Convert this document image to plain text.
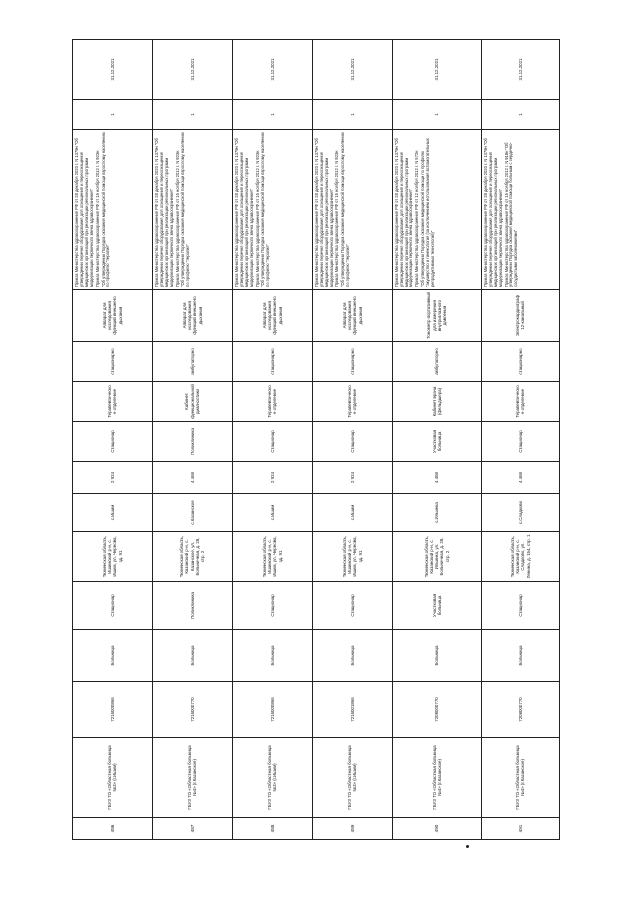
486	ГБУЗ ТО «Областная больница №3» (г.Ишим)	7216000866	Больница	Стационар	Тюменская область, Ишимский р-н, с. Ишим, ул. Чернова, зд. 91	с.Ишим	2 924	Стационар	Терапевтическое отделение	стационарно	Аппарат для исследования функций внешнего дыхания	Приказ Министерства здравоохранения РФ от 28 декабря 2020 г. N 1379н "Об утверждении перечня оборудования для оснащения и переоснащения медицинских организаций при реализации региональных программ модернизации первичного звена здравоохранения" Приказ Министерства здравоохранения РФ от 15 ноября 2012 г. N 923н "Об утверждении Порядка оказания медицинской помощи взрослому населению по профилю "терапия"	1	31.12.2021
487	ГБУЗ ТО «Областная больница №4» (г.Казанское)	7216000770	Больница	Поликлиника	Тюменская область, Казанский р-н, с. Казанское, ул. Больничная, д. 28, стр. 2	с.Казанское	4 468	Поликлиника	Кабинет функциональной диагностики	амбулаторно	Аппарат для исследования функций внешнего дыхания	Приказ Министерства здравоохранения РФ от 28 декабря 2020 г. N 1379н "Об утверждении перечня оборудования для оснащения и переоснащения медицинских организаций при реализации региональных программ модернизации первичного звена здравоохранения" Приказ Министерства здравоохранения РФ от 15 ноября 2012 г. N 923н "Об утверждении Порядка оказания медицинской помощи взрослому населению по профилю "терапия"	1	31.12.2021
488	ГБУЗ ТО «Областная больница №3» (г.Ишим)	7216000866	Больница	Стационар	Тюменская область, Ишимский р-н, с. Ишим, ул. Чернова, зд. 91	с.Ишим	2 924	Стационар	Терапевтическое отделение	стационарно	Аппарат для исследования функций внешнего дыхания	Приказ Министерства здравоохранения РФ от 28 декабря 2020 г. N 1379н "Об утверждении перечня оборудования для оснащения и переоснащения медицинских организаций при реализации региональных программ модернизации первичного звена здравоохранения" Приказ Министерства здравоохранения РФ от 15 ноября 2012 г. N 923н "Об утверждении Порядка оказания медицинской помощи взрослому населению по профилю "терапия"	1	31.12.2021
489	ГБУЗ ТО «Областная больница №3» (г.Ишим)	7216001866	Больница	Стационар	Тюменская область, Ишимский р-н, с. Ишим, ул. Чернова, зд. 91	с.Ишим	2 924	Стационар	Терапевтическое отделение	стационарно	Аппарат для исследования функций внешнего дыхания	Приказ Министерства здравоохранения РФ от 28 декабря 2020 г. N 1379н "Об утверждении перечня оборудования для оснащения и переоснащения медицинских организаций при реализации региональных программ модернизации первичного звена здравоохранения" Приказ Министерства здравоохранения РФ от 15 ноября 2012 г. N 923н "Об утверждении Порядка оказания медицинской помощи взрослому населению по профилю "терапия"	1	31.12.2021
490	ГБУЗ ТО «Областная больница №4» (г.Казанское)	7208000770	Больница	Участковая больница	Тюменская область, Казанский р-н, с. Ильинка, ул. Больничная, д. 28, стр. 2	с.Ильинка	4 468	Участковая больница	Кабинет врача (фельдшера)	амбулаторно	Тонометр портативный для измерения внутриглазного давления	Приказ Министерства здравоохранения РФ от 28 декабря 2020 г. N 1379н "Об утверждении перечня оборудования для оснащения и переоснащения медицинских организаций при реализации региональных программ модернизации первичного звена здравоохранения" Приказ Министерства здравоохранения РФ от 12 ноября 2012 г. N 572н "Об утверждении Порядка оказания медицинской помощи по профилю "акушерство и гинекология (за исключением использования вспомогательных репродуктивных технологий)"	1	31.12.2021
491	ГБУЗ ТО «Областная больница №4» (г.Казанское)	7208000770	Больница	Стационар	Тюменская область, Казанский р-н, с. Сладково, ул. Ленина, д. 154, стр. 1	с.Сладково	4 468	Стационар	Терапевтическое отделение	стационарно	Электрокардиограф 12-канальный	Приказ Министерства здравоохранения РФ от 28 декабря 2020 г. N 1379н "Об утверждении перечня оборудования для оснащения и переоснащения медицинских организаций при реализации региональных программ модернизации первичного звена здравоохранения" Приказ Министерства здравоохранения РФ от 15 ноября 2012 г. N 918н "Об утверждении Порядка оказания медицинской помощи больным с сердечно-сосудистыми заболеваниями"	1	31.12.2021
